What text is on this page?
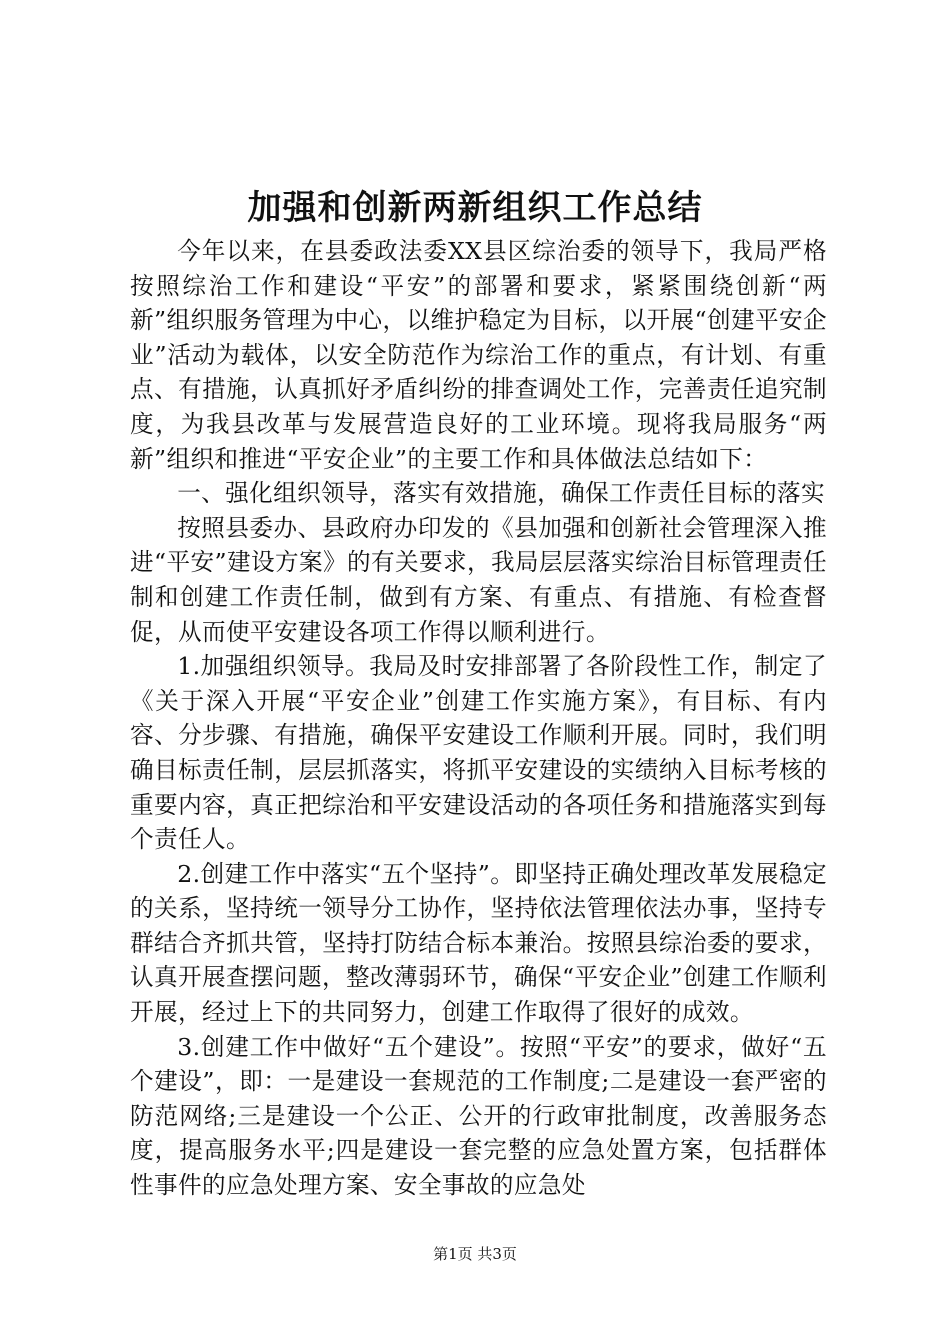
加强和创新两新组织工作总结

今年以来，在县委政法委XX县区综治委的领导下，我局严格按照综治工作和建设“平安”的部署和要求，紧紧围绕创新“两新”组织服务管理为中心，以维护稳定为目标，以开展“创建平安企业”活动为载体，以安全防范作为综治工作的重点，有计划、有重点、有措施，认真抓好矛盾纠纷的排查调处工作，完善责任追究制度，为我县改革与发展营造良好的工业环境。现将我局服务“两新”组织和推进“平安企业”的主要工作和具体做法总结如下：

一、强化组织领导，落实有效措施，确保工作责任目标的落实

按照县委办、县政府办印发的《县加强和创新社会管理深入推进“平安”建设方案》的有关要求，我局层层落实综治目标管理责任制和创建工作责任制，做到有方案、有重点、有措施、有检查督促，从而使平安建设各项工作得以顺利进行。

1.加强组织领导。我局及时安排部署了各阶段性工作，制定了《关于深入开展“平安企业”创建工作实施方案》，有目标、有内容、分步骤、有措施，确保平安建设工作顺利开展。同时，我们明确目标责任制，层层抓落实，将抓平安建设的实绩纳入目标考核的重要内容，真正把综治和平安建设活动的各项任务和措施落实到每个责任人。

2.创建工作中落实“五个坚持”。即坚持正确处理改革发展稳定的关系，坚持统一领导分工协作，坚持依法管理依法办事，坚持专群结合齐抓共管，坚持打防结合标本兼治。按照县综治委的要求，认真开展查摆问题，整改薄弱环节，确保“平安企业”创建工作顺利开展，经过上下的共同努力，创建工作取得了很好的成效。

3.创建工作中做好“五个建设”。按照“平安”的要求，做好“五个建设”，即：一是建设一套规范的工作制度;二是建设一套严密的防范网络;三是建设一个公正、公开的行政审批制度，改善服务态度，提高服务水平;四是建设一套完整的应急处置方案，包括群体性事件的应急处理方案、安全事故的应急处

第1页 共3页
